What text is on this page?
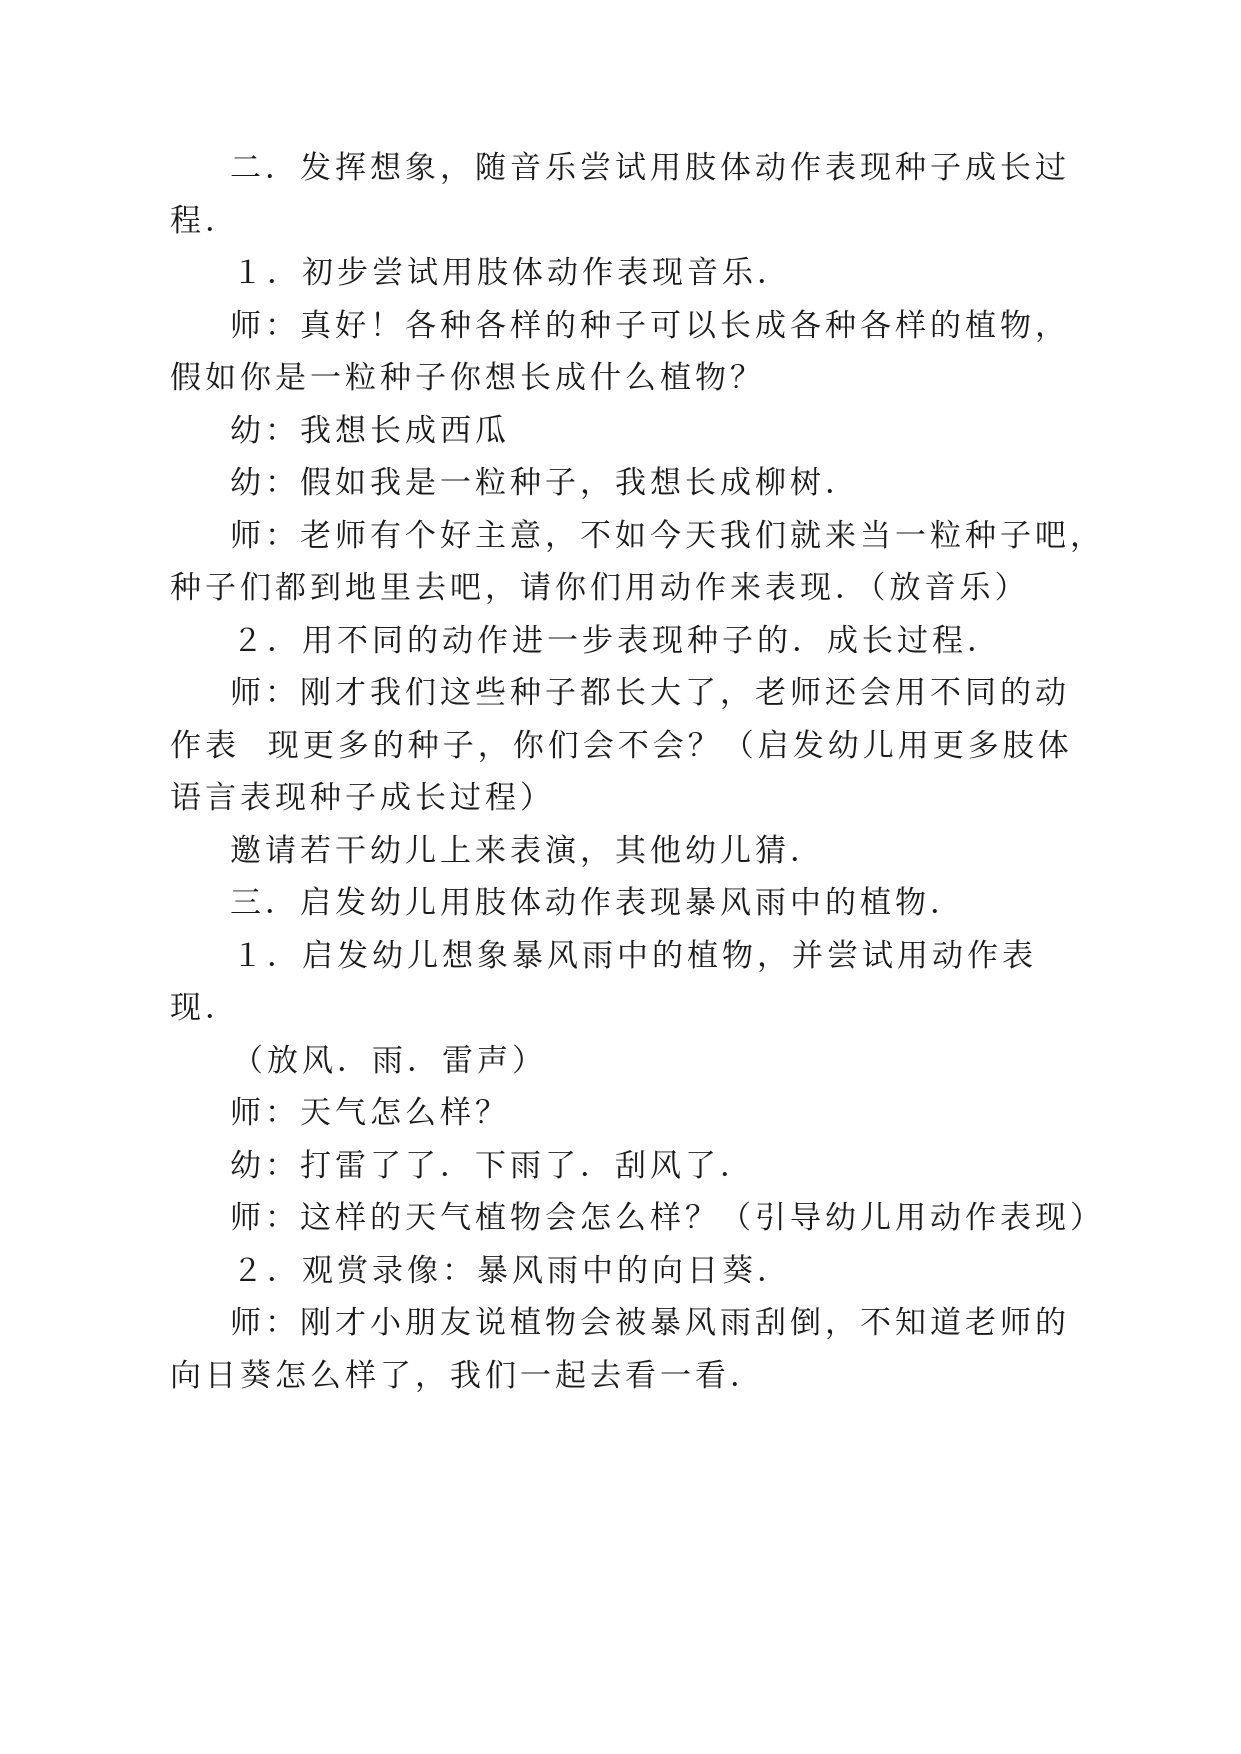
二．发挥想象，随音乐尝试用肢体动作表现种子成长过

程．

１．初步尝试用肢体动作表现音乐．

师：真好！各种各样的种子可以长成各种各样的植物，

假如你是一粒种子你想长成什么植物？

幼：我想长成西瓜

幼：假如我是一粒种子，我想长成柳树．

师：老师有个好主意，不如今天我们就来当一粒种子吧，

种子们都到地里去吧，请你们用动作来表现．（放音乐）

２．用不同的动作进一步表现种子的．成长过程．

师：刚才我们这些种子都长大了，老师还会用不同的动

作表  现更多的种子，你们会不会？（启发幼儿用更多肢体

语言表现种子成长过程）

邀请若干幼儿上来表演，其他幼儿猜．

三．启发幼儿用肢体动作表现暴风雨中的植物．

１．启发幼儿想象暴风雨中的植物，并尝试用动作表

现．

（放风．雨．雷声）

师：天气怎么样？

幼：打雷了了．下雨了．刮风了．

师：这样的天气植物会怎么样？（引导幼儿用动作表现）

２．观赏录像：暴风雨中的向日葵．

师：刚才小朋友说植物会被暴风雨刮倒，不知道老师的

向日葵怎么样了，我们一起去看一看．
